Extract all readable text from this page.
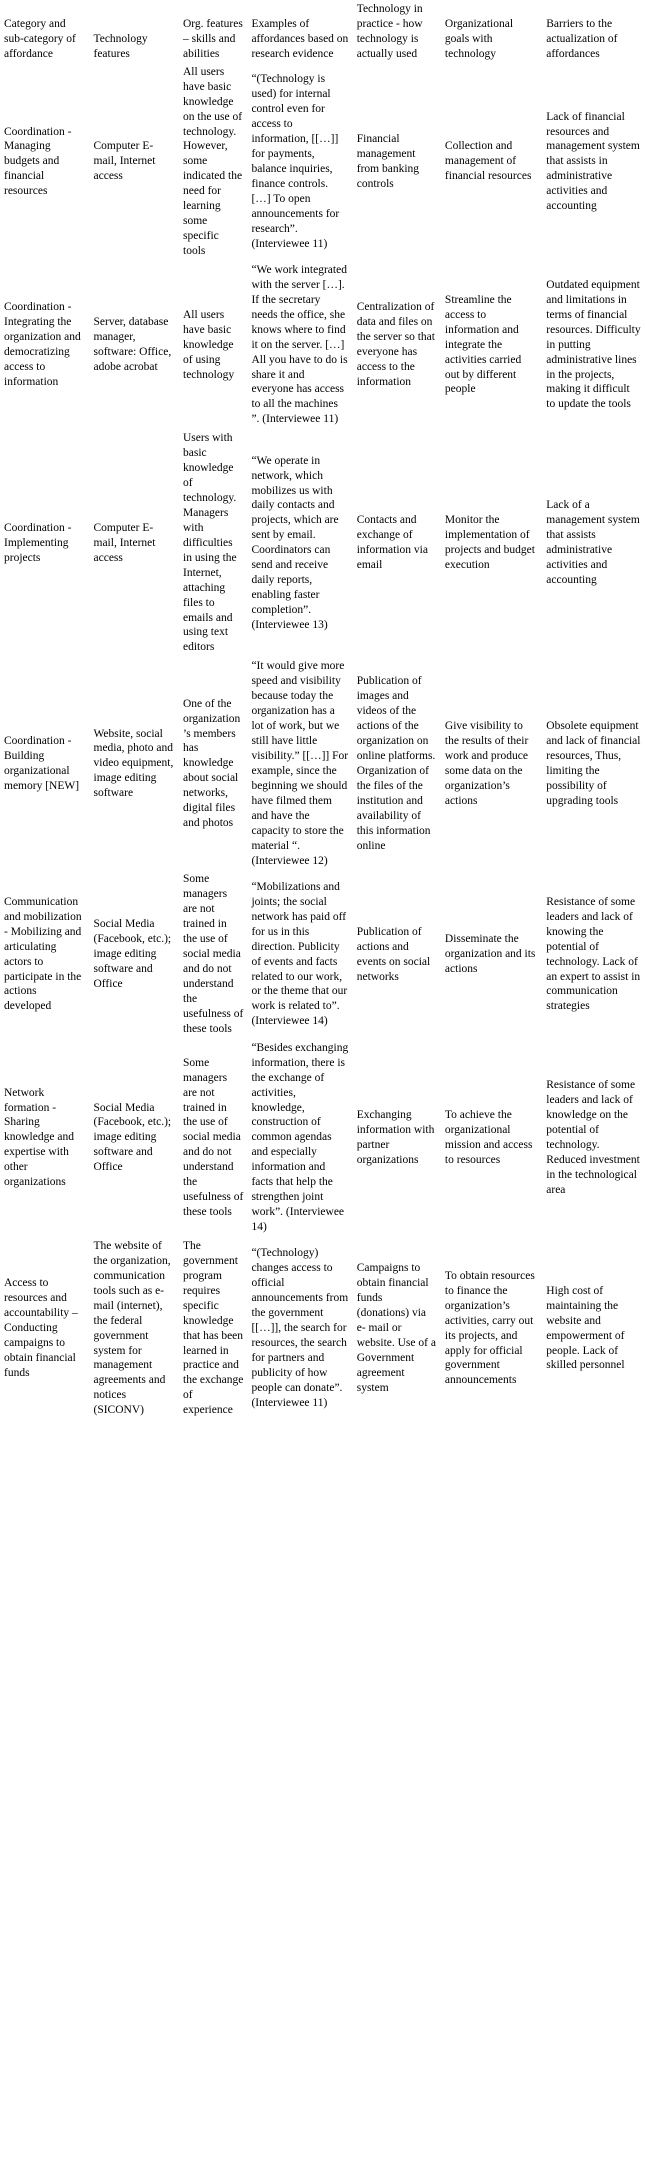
Category and sub-category of affordance	Technology features	Org. features – skills and abilities	Examples of affordances based on research evidence	Technology in practice - how technology is actually used	Organizational goals with technology	Barriers to the actualization of affordances
Coordination - Managing budgets and financial resources	Computer E-mail, Internet access	All users have basic knowledge on the use of technology. However, some indicated the need for learning some specific tools	“(Technology is used) for internal control even for access to information, [[…]] for payments, balance inquiries, finance controls. […] To open announcements for research”. (Interviewee 11)	Financial management from banking controls	Collection and management of financial resources	Lack of financial resources and management system that assists in administrative activities and accounting
Coordination - Integrating the organization and democratizing access to information	Server, database manager, software: Office, adobe acrobat	All users have basic knowledge of using technology	“We work integrated with the server […]. If the secretary needs the office, she knows where to find it on the server. […] All you have to do is share it and everyone has access to all the machines ”. (Interviewee 11)	Centralization of data and files on the server so that everyone has access to the information	Streamline the access to information and integrate the activities carried out by different people	Outdated equipment and limitations in terms of financial resources. Difficulty in putting administrative lines in the projects, making it difficult to update the tools
Coordination - Implementing projects	Computer E-mail, Internet access	Users with basic knowledge of technology. Managers with difficulties in using the Internet, attaching files to emails and using text editors	“We operate in network, which mobilizes us with daily contacts and projects, which are sent by email. Coordinators can send and receive daily reports, enabling faster completion”. (Interviewee 13)	Contacts and exchange of information via email	Monitor the implementation of projects and budget execution	Lack of a management system that assists administrative activities and accounting
Coordination - Building organizational memory [NEW]	Website, social media, photo and video equipment, image editing software	One of the organization’s members has knowledge about social networks, digital files and photos	“It would give more speed and visibility because today the organization has a lot of work, but we still have little visibility.” [[…]] For example, since the beginning we should have filmed them and have the capacity to store the material “. (Interviewee 12)	Publication of images and videos of the actions of the organization on online platforms. Organization of the files of the institution and availability of this information online	Give visibility to the results of their work and produce some data on the organization’s actions	Obsolete equipment and lack of financial resources, Thus, limiting the possibility of upgrading tools
Communication and mobilization - Mobilizing and articulating actors to participate in the actions developed	Social Media (Facebook, etc.); image editing software and Office	Some managers are not trained in the use of social media and do not understand the usefulness of these tools	“Mobilizations and joints; the social network has paid off for us in this direction. Publicity of events and facts related to our work, or the theme that our work is related to”. (Interviewee 14)	Publication of actions and events on social networks	Disseminate the organization and its actions	Resistance of some leaders and lack of knowing the potential of technology. Lack of an expert to assist in communication strategies
Network formation - Sharing knowledge and expertise with other organizations	Social Media (Facebook, etc.); image editing software and Office	Some managers are not trained in the use of social media and do not understand the usefulness of these tools	“Besides exchanging information, there is the exchange of activities, knowledge, construction of common agendas and especially information and facts that help the strengthen joint work”. (Interviewee 14)	Exchanging information with partner organizations	To achieve the organizational mission and access to resources	Resistance of some leaders and lack of knowledge on the potential of technology. Reduced investment in the technological area
Access to resources and accountability – Conducting campaigns to obtain financial funds	The website of the organization, communication tools such as e-mail (internet), the federal government system for management agreements and notices (SICONV)	The government program requires specific knowledge that has been learned in practice and the exchange of experience	“(Technology) changes access to official announcements from the government [[…]], the search for resources, the search for partners and publicity of how people can donate”. (Interviewee 11)	Campaigns to obtain financial funds (donations) via e- mail or website. Use of a Government agreement system	To obtain resources to finance the organization’s activities, carry out its projects, and apply for official government announcements	High cost of maintaining the website and empowerment of people. Lack of skilled personnel
